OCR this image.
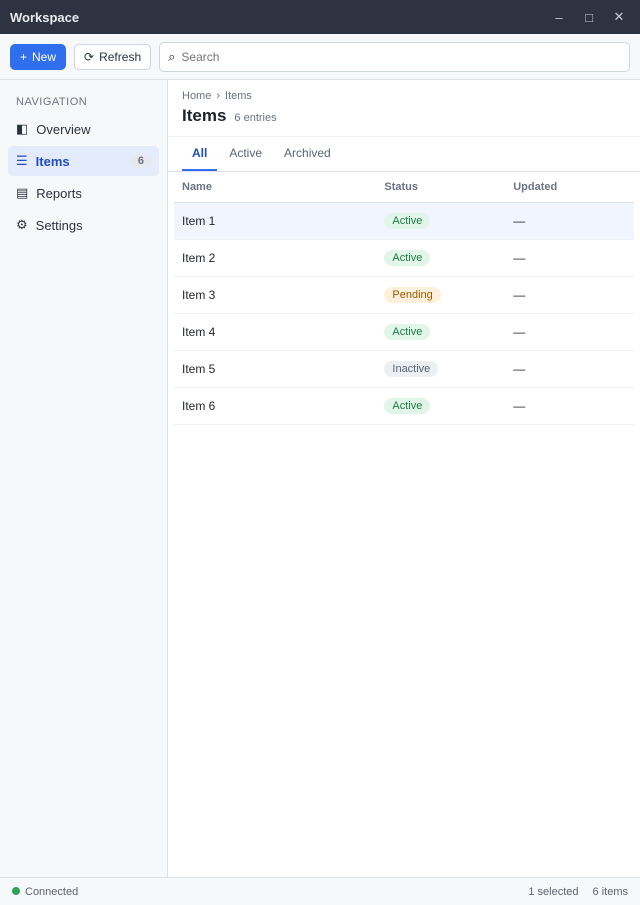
Workspace	–	□	✕
+ New ⟳ Refresh ⌕
Search
NAVIGATION
◧ Overview
☰ Items	6
▤ Reports
⚙ Settings
Home › Items
Items 6 entries
All	Active	Archived
Name	Status	Updated
Item 1	Active	—
Item 2	Active	—
Item 3	Pending	—
Item 4	Active	—
Item 5	Inactive	—
Item 6	Active	—
Connected	1 selected 6 items
